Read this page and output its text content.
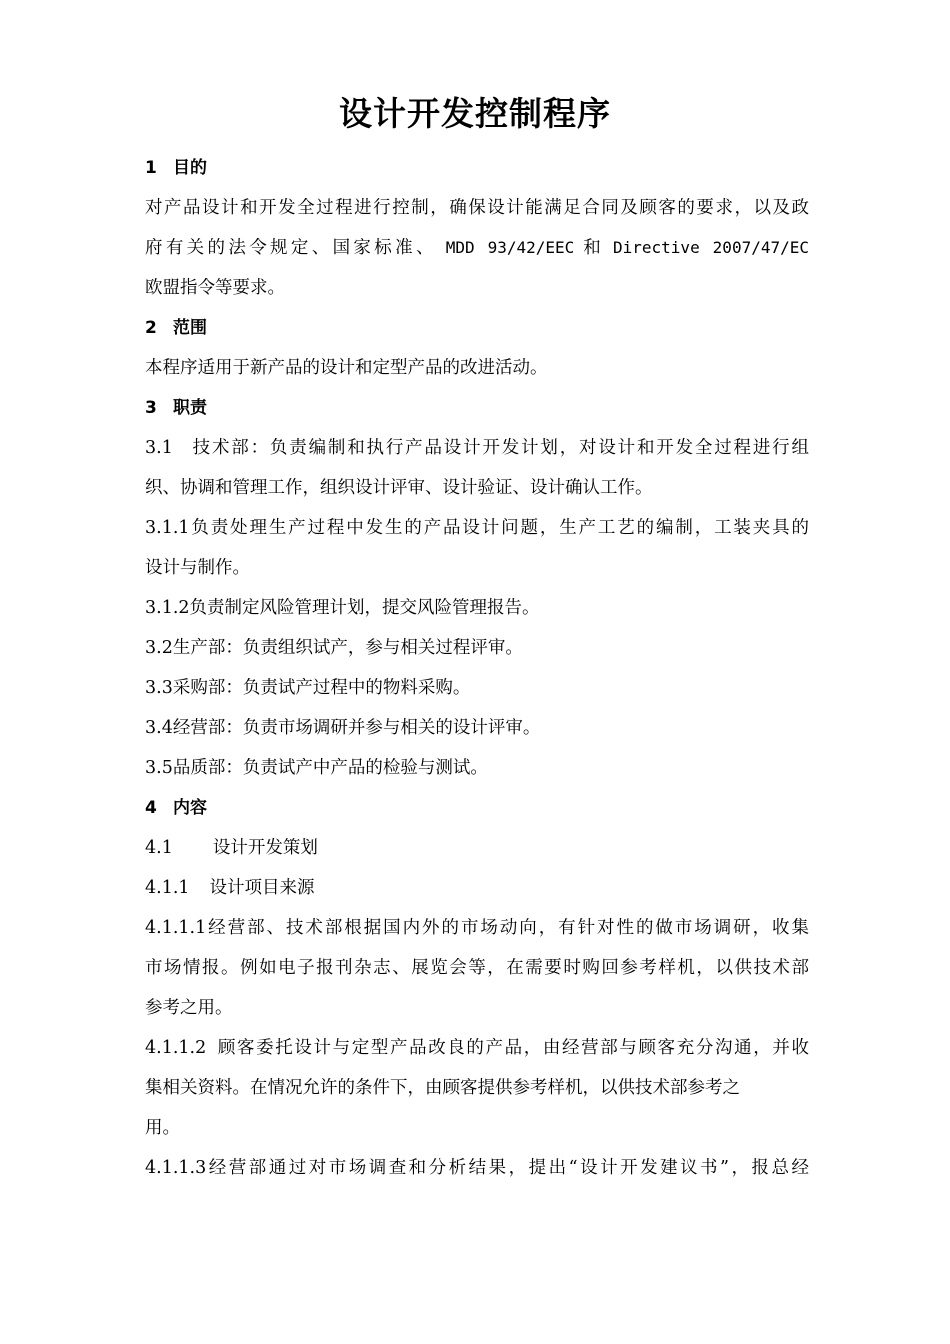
设计开发控制程序
1 目的
对产品设计和开发全过程进行控制，确保设计能满足合同及顾客的要求，以及政
府有关的法令规定、国家标准、 MDD 93/42/EEC 和 Directive 2007/47/EC
欧盟指令等要求。
2 范围
本程序适用于新产品的设计和定型产品的改进活动。
3 职责
3.1 技术部：负责编制和执行产品设计开发计划，对设计和开发全过程进行组
织、协调和管理工作，组织设计评审、设计验证、设计确认工作。
3.1.1负责处理生产过程中发生的产品设计问题，生产工艺的编制，工装夹具的
设计与制作。
3.1.2负责制定风险管理计划，提交风险管理报告。
3.2生产部：负责组织试产，参与相关过程评审。
3.3采购部：负责试产过程中的物料采购。
3.4经营部：负责市场调研并参与相关的设计评审。
3.5品质部：负责试产中产品的检验与测试。
4 内容
4.1 设计开发策划
4.1.1 设计项目来源
4.1.1.1经营部、技术部根据国内外的市场动向，有针对性的做市场调研，收集
市场情报。例如电子报刊杂志、展览会等，在需要时购回参考样机，以供技术部
参考之用。
4.1.1.2 顾客委托设计与定型产品改良的产品，由经营部与顾客充分沟通，并收
集相关资料。在情况允许的条件下，由顾客提供参考样机，以供技术部参考之
用。
4.1.1.3经营部通过对市场调查和分析结果，提出“设计开发建议书”，报总经
